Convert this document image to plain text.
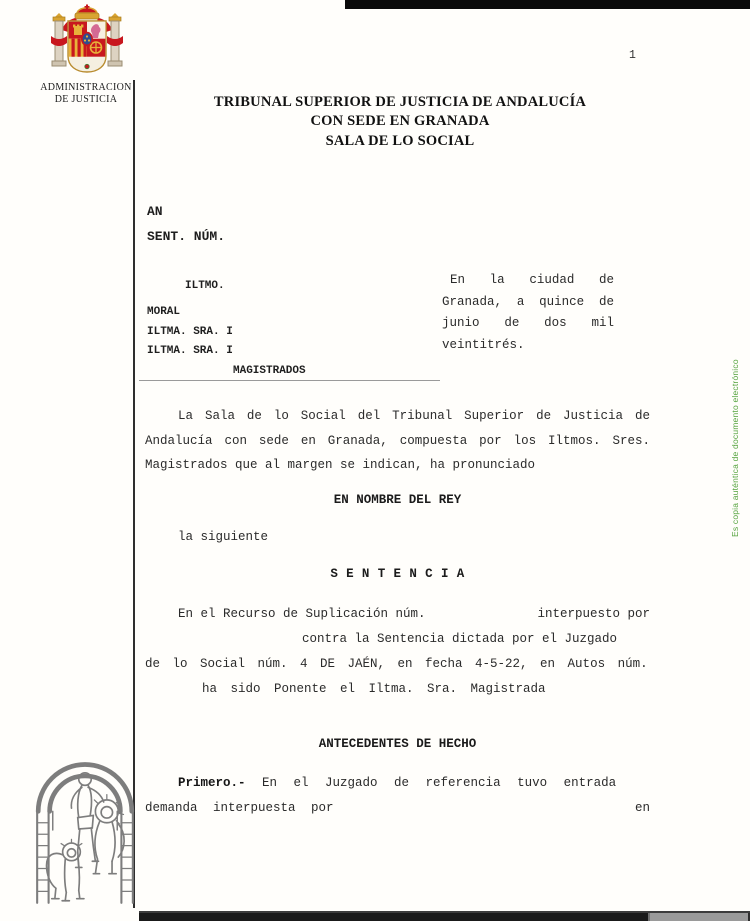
ADMINISTRACION
DE JUSTICIA
1
TRIBUNAL SUPERIOR DE JUSTICIA DE ANDALUCÍA
CON SEDE EN GRANADA
SALA DE LO SOCIAL
AN
SENT. NÚM.
ILTMO.
MORAL
ILTMA. SRA. I
ILTMA. SRA. I
MAGISTRADOS
En la ciudad de Granada, a quince de junio de dos mil veintitrés.
La Sala de lo Social del Tribunal Superior de Justicia de Andalucía con sede en Granada, compuesta por los Iltmos. Sres. Magistrados que al margen se indican, ha pronunciado
EN NOMBRE DEL REY
la siguiente
S E N T E N C I A
En el Recurso de Suplicación núm.	interpuesto por
contra la Sentencia dictada por el Juzgado
de lo Social núm. 4 DE JAÉN, en fecha 4-5-22, en Autos núm.
ha sido Ponente el Iltma. Sra. Magistrada
ANTECEDENTES DE HECHO
Primero.- En el Juzgado de referencia tuvo entrada
demanda interpuesta por	en
Es copia auténtica de documento electrónico
